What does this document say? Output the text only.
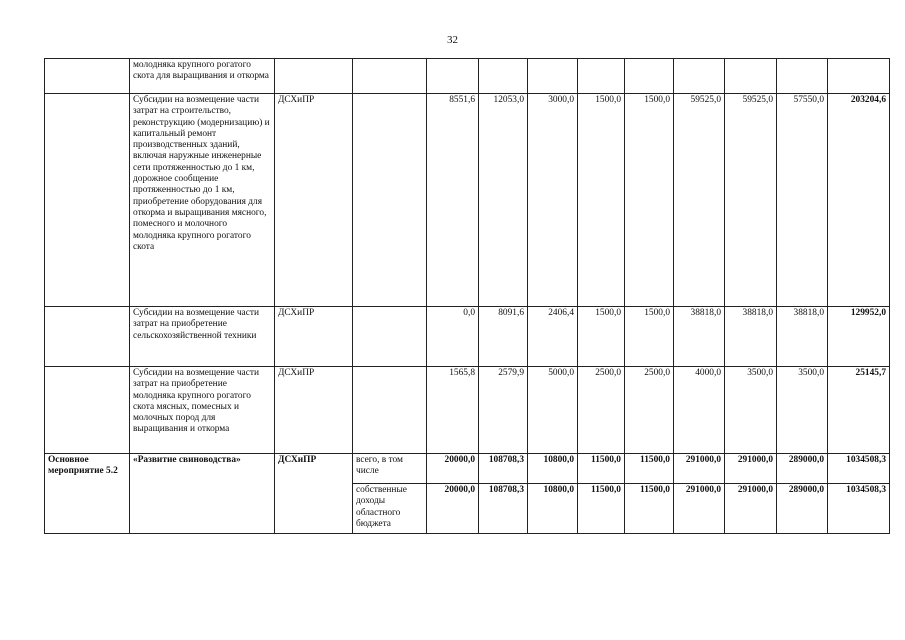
32
	молодняка крупного рогатого скота для выращивания и откорма											
	Субсидии на возмещение части затрат на строительство, реконструкцию (модернизацию) и капитальный ремонт производственных зданий, включая наружные инженерные сети протяженностью до 1 км, дорожное сообщение протяженностью до 1 км, приобретение оборудования для откорма и выращивания мясного, помесного и молочного молодняка крупного рогатого скота	ДСХиПР		8551,6	12053,0	3000,0	1500,0	1500,0	59525,0	59525,0	57550,0	203204,6
	Субсидии на возмещение части затрат на приобретение сельскохозяйственной техники	ДСХиПР		0,0	8091,6	2406,4	1500,0	1500,0	38818,0	38818,0	38818,0	129952,0
	Субсидии на возмещение части затрат на приобретение молодняка крупного рогатого скота мясных, помесных и молочных пород для выращивания и откорма	ДСХиПР		1565,8	2579,9	5000,0	2500,0	2500,0	4000,0	3500,0	3500,0	25145,7
Основное мероприятие 5.2	«Развитие свиноводства»	ДСХиПР	всего, в том числе	20000,0	108708,3	10800,0	11500,0	11500,0	291000,0	291000,0	289000,0	1034508,3
			собственные доходы областного бюджета	20000,0	108708,3	10800,0	11500,0	11500,0	291000,0	291000,0	289000,0	1034508,3
